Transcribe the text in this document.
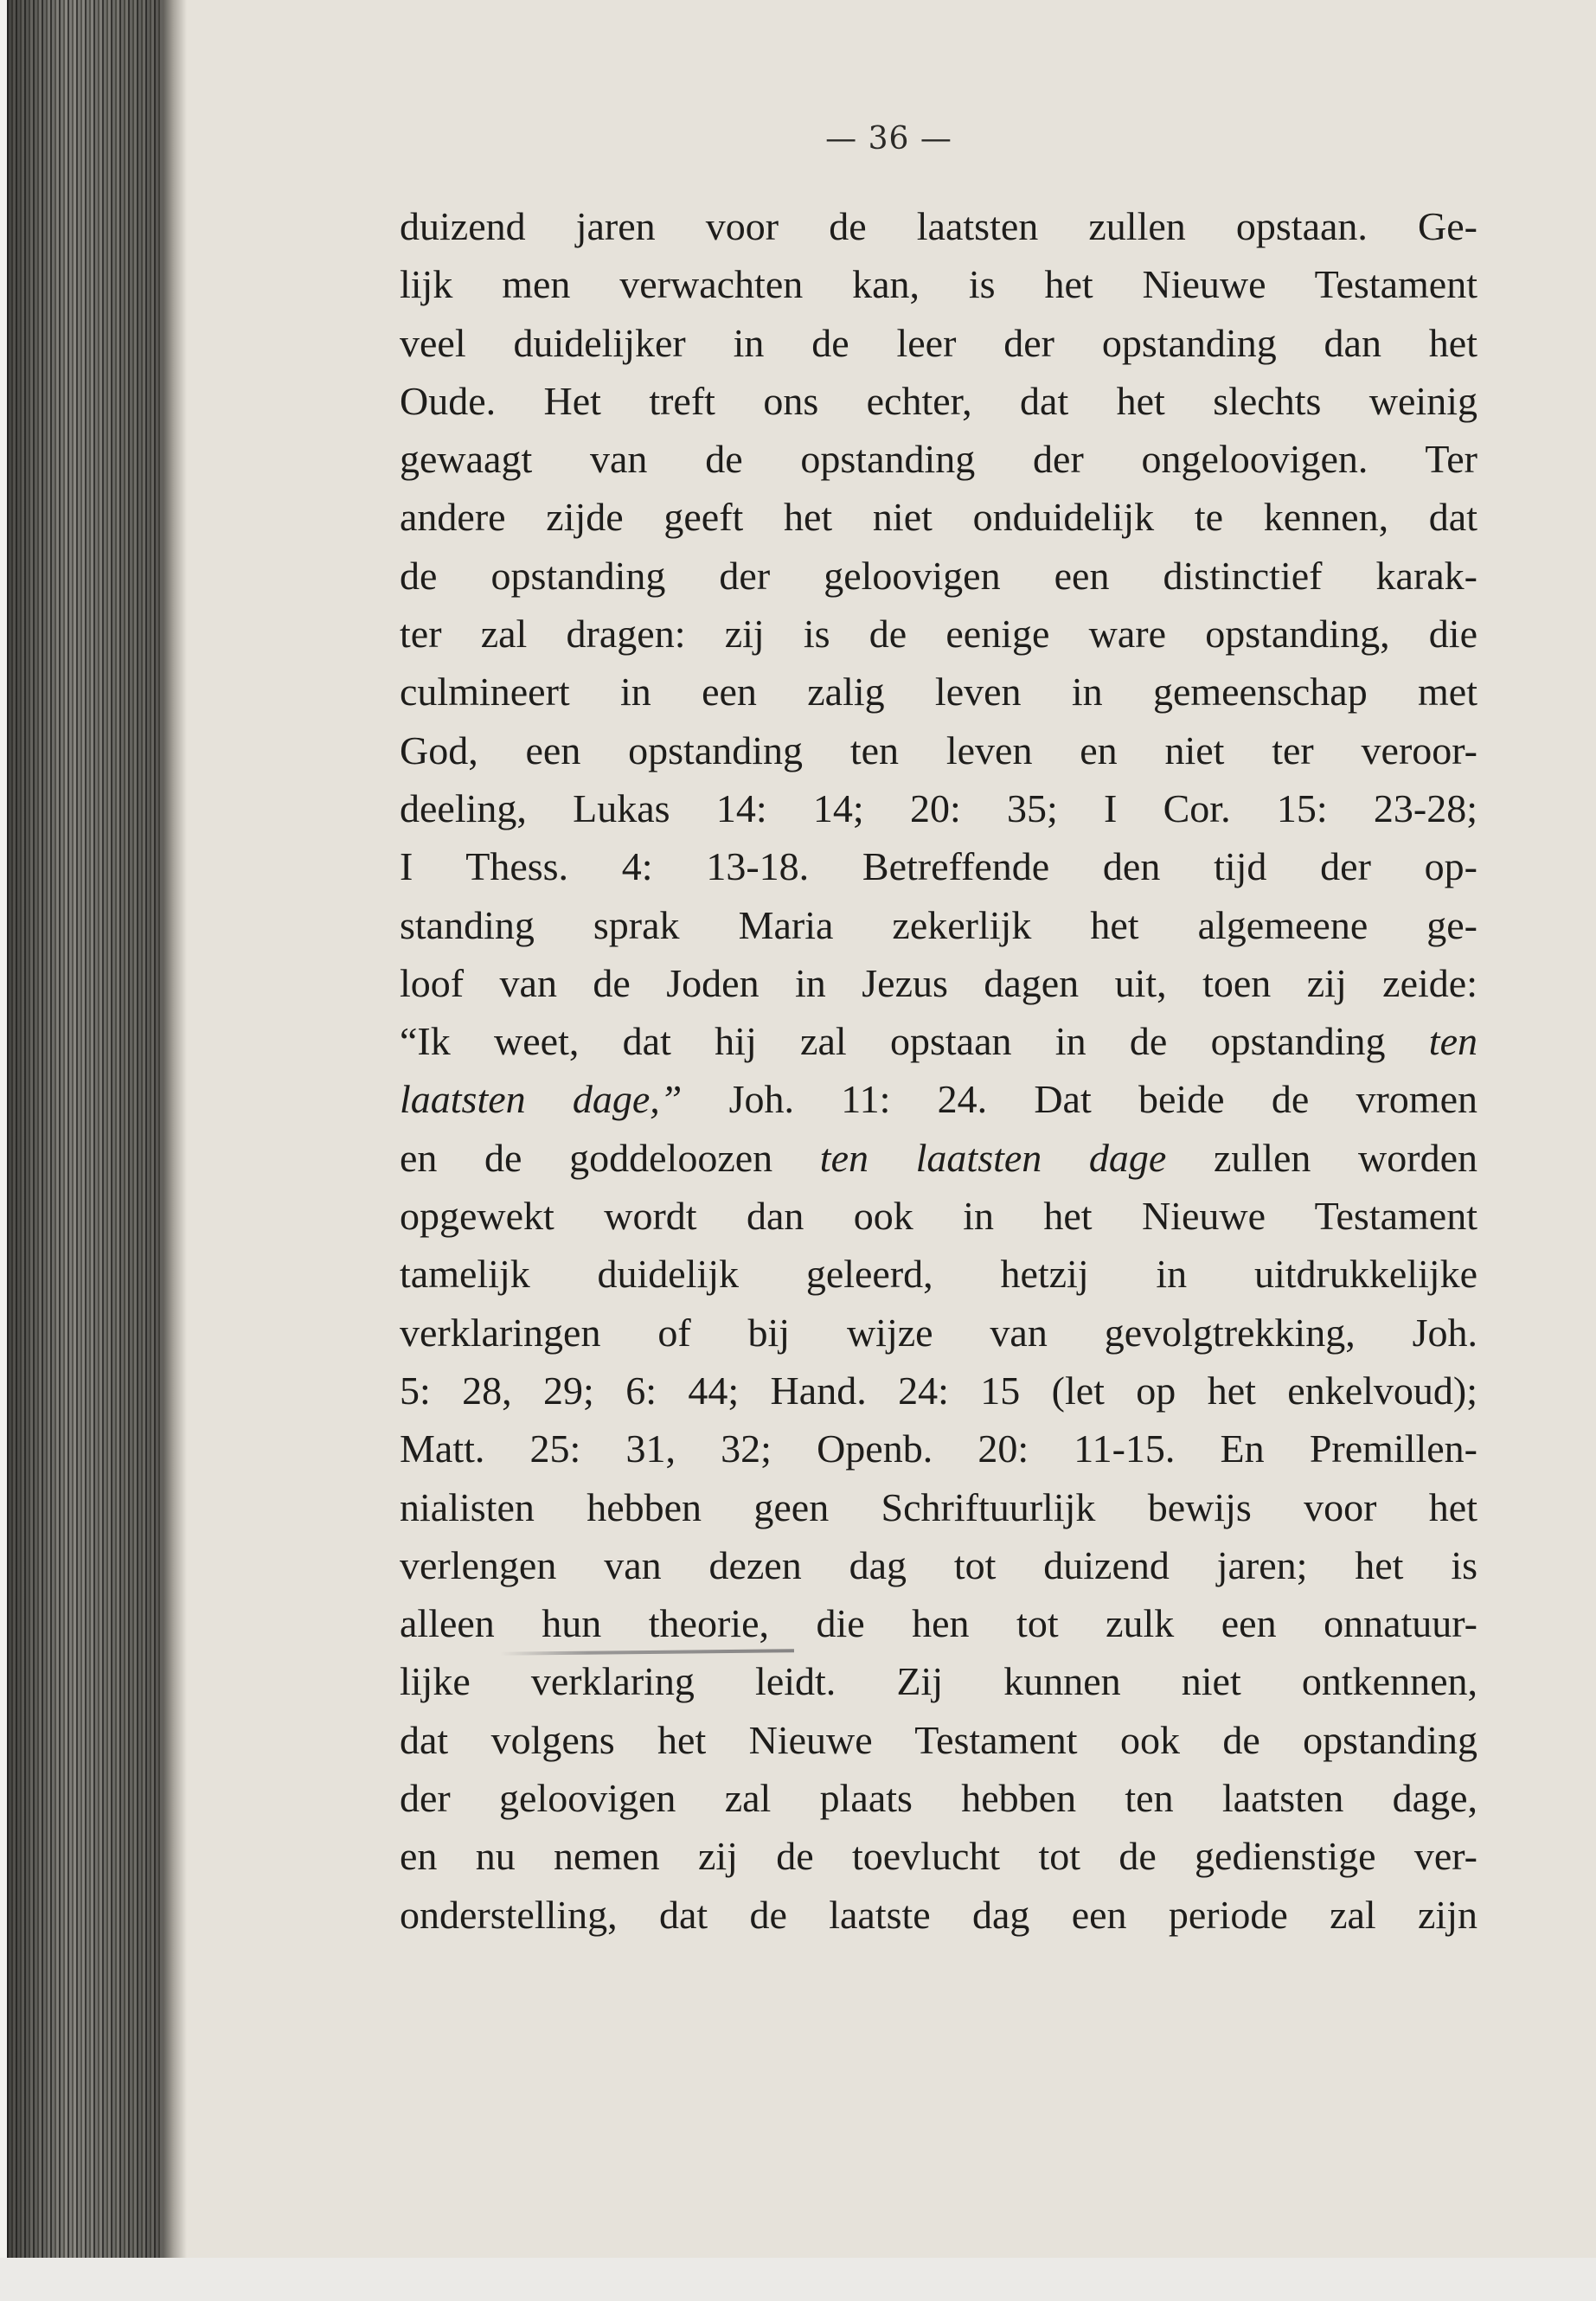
— 36 —
duizend jaren voor de laatsten zullen opstaan. Ge-
lijk men verwachten kan, is het Nieuwe Testament
veel duidelijker in de leer der opstanding dan het
Oude. Het treft ons echter, dat het slechts weinig
gewaagt van de opstanding der ongeloovigen. Ter
andere zijde geeft het niet onduidelijk te kennen, dat
de opstanding der geloovigen een distinctief karak-
ter zal dragen: zij is de eenige ware opstanding, die
culmineert in een zalig leven in gemeenschap met
God, een opstanding ten leven en niet ter veroor-
deeling, Lukas 14: 14; 20: 35; I Cor. 15: 23-28;
I Thess. 4: 13-18. Betreffende den tijd der op-
standing sprak Maria zekerlijk het algemeene ge-
loof van de Joden in Jezus dagen uit, toen zij zeide:
“Ik weet, dat hij zal opstaan in de opstanding ten
laatsten dage,” Joh. 11: 24. Dat beide de vromen
en de goddeloozen ten laatsten dage zullen worden
opgewekt wordt dan ook in het Nieuwe Testament
tamelijk duidelijk geleerd, hetzij in uitdrukkelijke
verklaringen of bij wijze van gevolgtrekking, Joh.
5: 28, 29; 6: 44; Hand. 24: 15 (let op het enkelvoud);
Matt. 25: 31, 32; Openb. 20: 11-15. En Premillen-
nialisten hebben geen Schriftuurlijk bewijs voor het
verlengen van dezen dag tot duizend jaren; het is
alleen hun theorie, die hen tot zulk een onnatuur-
lijke verklaring leidt. Zij kunnen niet ontkennen,
dat volgens het Nieuwe Testament ook de opstanding
der geloovigen zal plaats hebben ten laatsten dage,
en nu nemen zij de toevlucht tot de gedienstige ver-
onderstelling, dat de laatste dag een periode zal zijn
